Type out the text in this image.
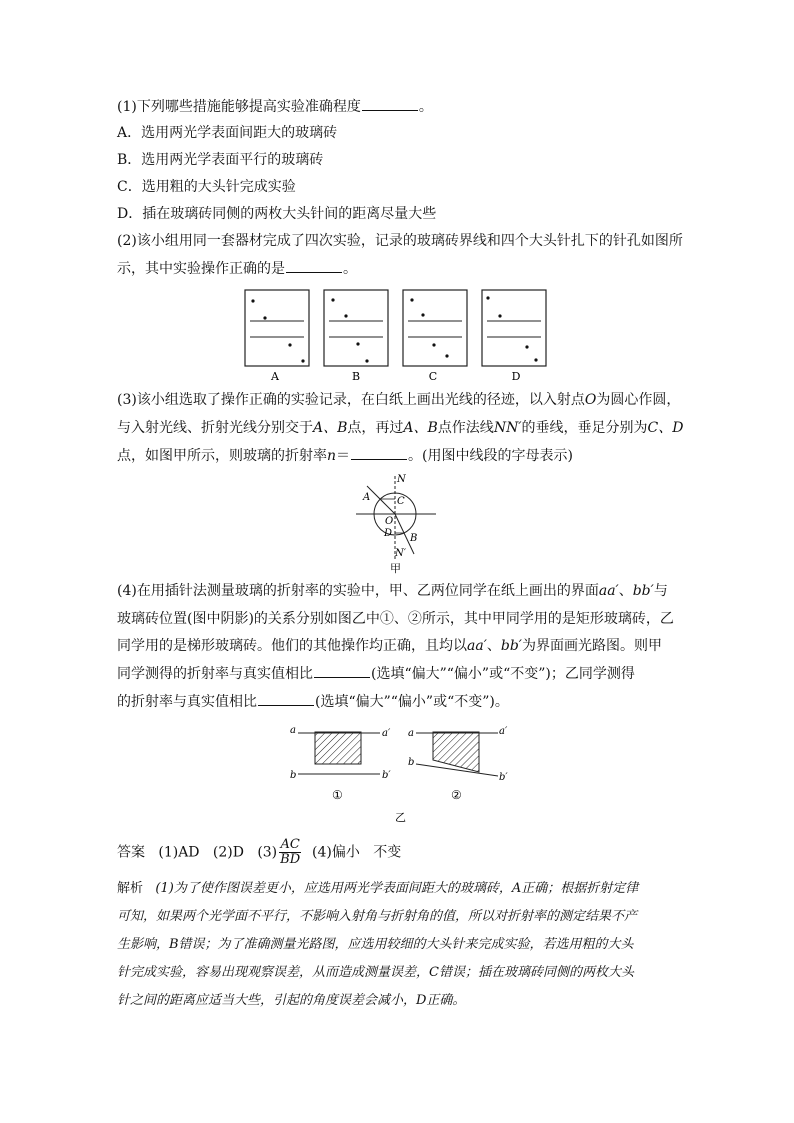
(1)下列哪些措施能够提高实验准确程度	。
A．选用两光学表面间距大的玻璃砖
B．选用两光学表面平行的玻璃砖
C．选用粗的大头针完成实验
D．插在玻璃砖同侧的两枚大头针间的距离尽量大些
(2)该小组用同一套器材完成了四次实验，记录的玻璃砖界线和四个大头针扎下的针孔如图所
示，其中实验操作正确的是	。
A	B	C	D
(3)该小组选取了操作正确的实验记录，在白纸上画出光线的径迹，以入射点O为圆心作圆，
与入射光线、折射光线分别交于A、B点，再过A、B点作法线NN′的垂线，垂足分别为C、D
点，如图甲所示，则玻璃的折射率n＝	。(用图中线段的字母表示)
N
A	C
O
D B
N′
甲
(4)在用插针法测量玻璃的折射率的实验中，甲、乙两位同学在纸上画出的界面aa′、bb′与
玻璃砖位置(图中阴影)的关系分别如图乙中①、②所示，其中甲同学用的是矩形玻璃砖，乙
同学用的是梯形玻璃砖。他们的其他操作均正确，且均以aa′、bb′为界面画光路图。则甲
同学测得的折射率与真实值相比	(选填“偏大”“偏小”或“不变”)；乙同学测得
的折射率与真实值相比	(选填“偏大”“偏小”或“不变”)。
a	a′
b	b′
①
a	a′
b
b′
②
乙
答案 (1)AD (2)D $(3) \frac{AC}{BD} (4)$偏小 不变
解析 (1)为了使作图误差更小，应选用两光学表面间距大的玻璃砖，A正确；根据折射定律
可知，如果两个光学面不平行，不影响入射角与折射角的值，所以对折射率的测定结果不产
生影响，B错误；为了准确测量光路图，应选用较细的大头针来完成实验，若选用粗的大头
针完成实验，容易出现观察误差，从而造成测量误差，C错误；插在玻璃砖同侧的两枚大头
针之间的距离应适当大些，引起的角度误差会减小，D正确。
